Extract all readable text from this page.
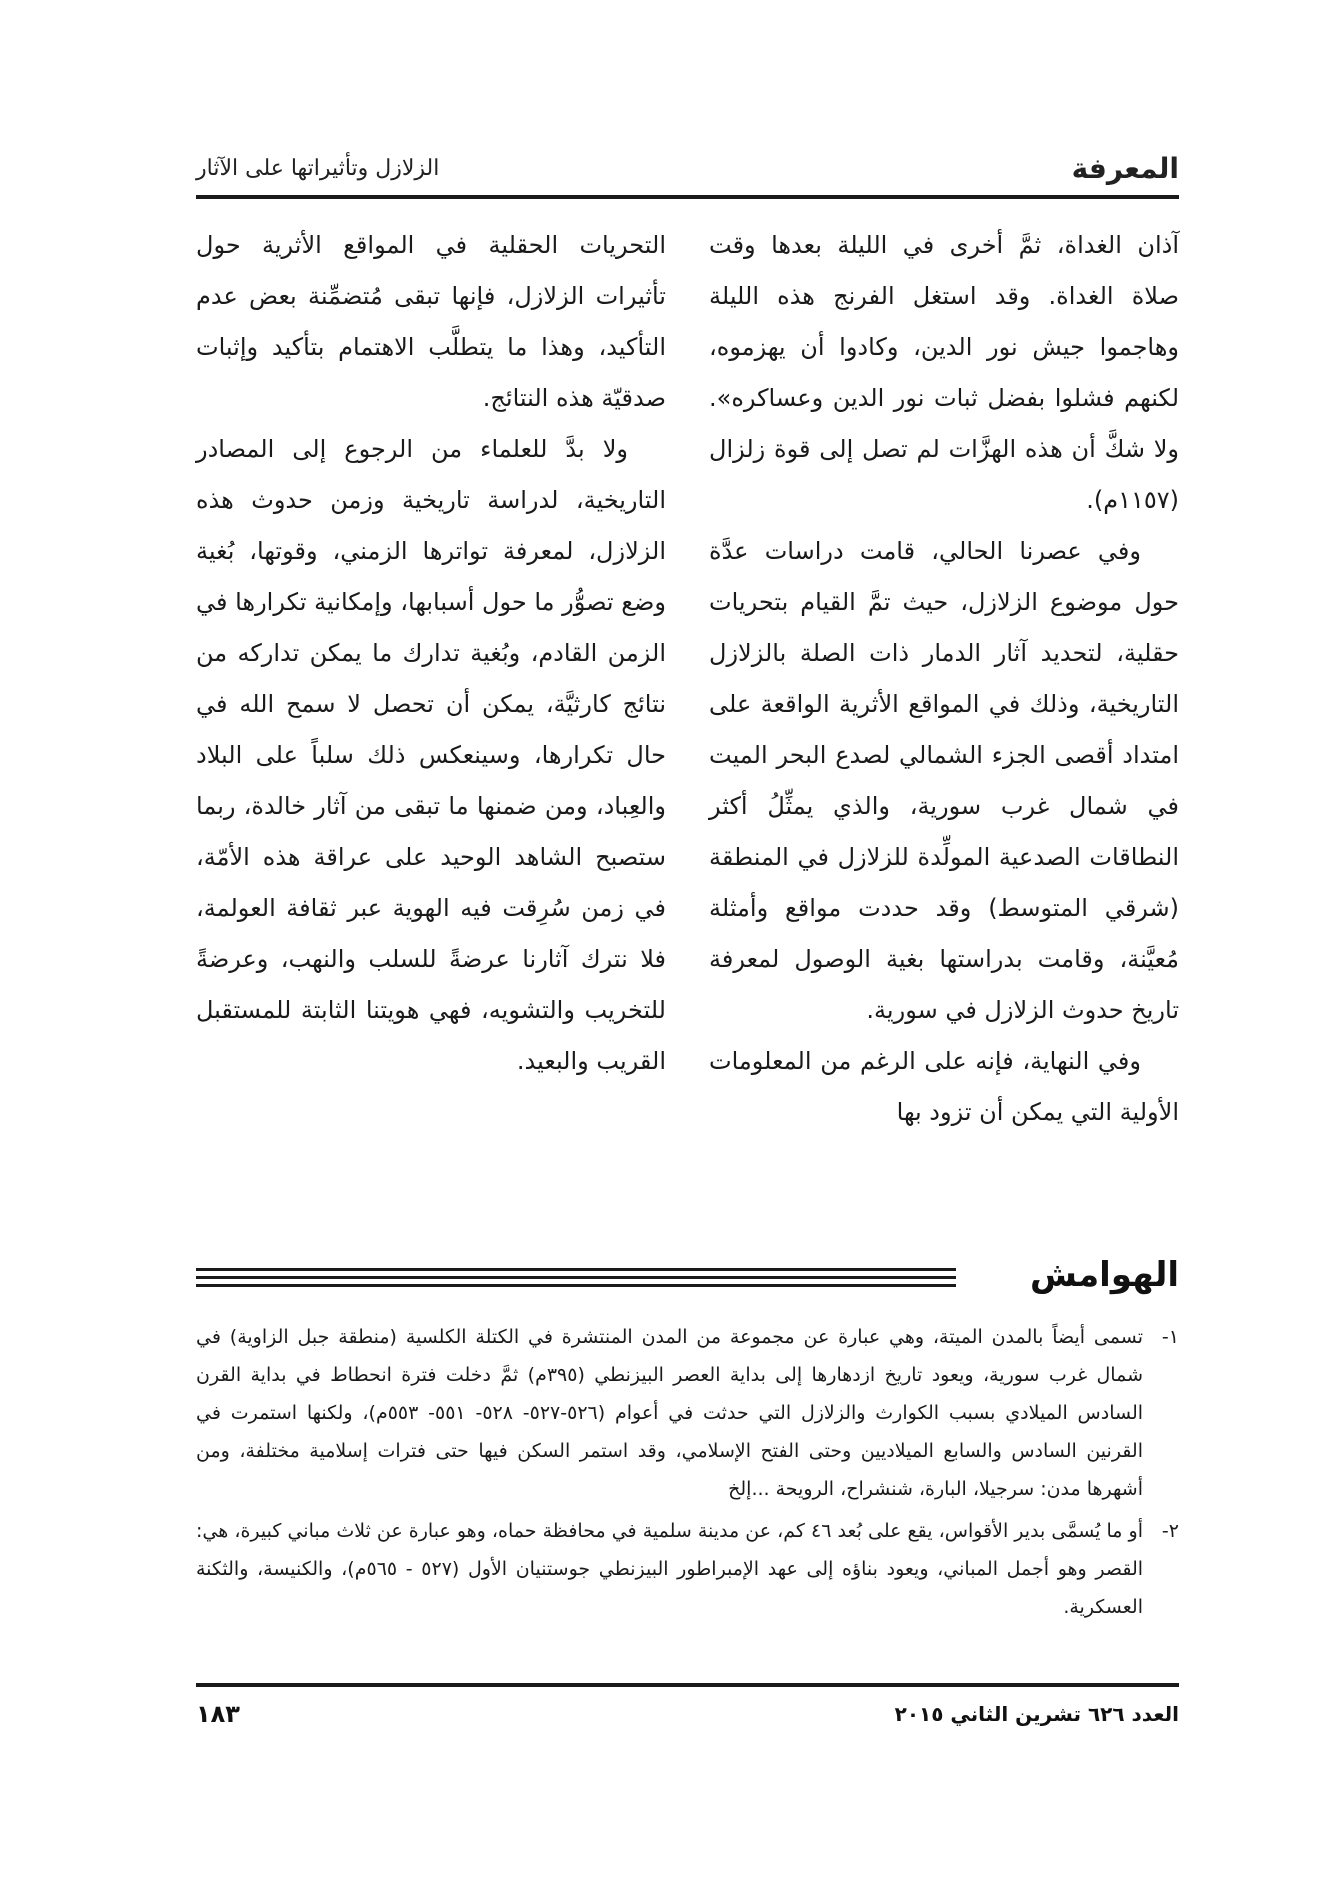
المعرفة
الزلازل وتأثيراتها على الآثار

آذان الغداة، ثمَّ أخرى في الليلة بعدها وقت صلاة الغداة. وقد استغل الفرنج هذه الليلة وهاجموا جيش نور الدين، وكادوا أن يهزموه، لكنهم فشلوا بفضل ثبات نور الدين وعساكره». ولا شكَّ أن هذه الهزَّات لم تصل إلى قوة زلزال (١١٥٧م).

وفي عصرنا الحالي، قامت دراسات عدَّة حول موضوع الزلازل، حيث تمَّ القيام بتحريات حقلية، لتحديد آثار الدمار ذات الصلة بالزلازل التاريخية، وذلك في المواقع الأثرية الواقعة على امتداد أقصى الجزء الشمالي لصدع البحر الميت في شمال غرب سورية، والذي يمثِّلُ أكثر النطاقات الصدعية المولِّدة للزلازل في المنطقة (شرقي المتوسط) وقد حددت مواقع وأمثلة مُعيَّنة، وقامت بدراستها بغية الوصول لمعرفة تاريخ حدوث الزلازل في سورية.

وفي النهاية، فإنه على الرغم من المعلومات الأولية التي يمكن أن تزود بها

التحريات الحقلية في المواقع الأثرية حول تأثيرات الزلازل، فإنها تبقى مُتضمِّنة بعض عدم التأكيد، وهذا ما يتطلَّب الاهتمام بتأكيد وإثبات صدقيّة هذه النتائج.

ولا بدَّ للعلماء من الرجوع إلى المصادر التاريخية، لدراسة تاريخية وزمن حدوث هذه الزلازل، لمعرفة تواترها الزمني، وقوتها، بُغية وضع تصوُّر ما حول أسبابها، وإمكانية تكرارها في الزمن القادم، وبُغية تدارك ما يمكن تداركه من نتائج كارثيَّة، يمكن أن تحصل لا سمح الله في حال تكرارها، وسينعكس ذلك سلباً على البلاد والعِباد، ومن ضمنها ما تبقى من آثار خالدة، ربما ستصبح الشاهد الوحيد على عراقة هذه الأمّة، في زمن سُرِقت فيه الهوية عبر ثقافة العولمة، فلا نترك آثارنا عرضةً للسلب والنهب، وعرضةً للتخريب والتشويه، فهي هويتنا الثابتة للمستقبل القريب والبعيد.

الهوامش

١-
تسمى أيضاً بالمدن الميتة، وهي عبارة عن مجموعة من المدن المنتشرة في الكتلة الكلسية (منطقة جبل الزاوية) في شمال غرب سورية، ويعود تاريخ ازدهارها إلى بداية العصر البيزنطي (٣٩٥م) ثمَّ دخلت فترة انحطاط في بداية القرن السادس الميلادي بسبب الكوارث والزلازل التي حدثت في أعوام (٥٢٦-٥٢٧- ٥٢٨- ٥٥١- ٥٥٣م)، ولكنها استمرت في القرنين السادس والسابع الميلاديين وحتى الفتح الإسلامي، وقد استمر السكن فيها حتى فترات إسلامية مختلفة، ومن أشهرها مدن: سرجيلا، البارة، شنشراح، الرويحة ...إلخ

٢-
أو ما يُسمَّى بدير الأقواس، يقع على بُعد ٤٦ كم، عن مدينة سلمية في محافظة حماه، وهو عبارة عن ثلاث مباني كبيرة، هي: القصر وهو أجمل المباني، ويعود بناؤه إلى عهد الإمبراطور البيزنطي جوستنيان الأول (٥٢٧ - ٥٦٥م)، والكنيسة، والثكنة العسكرية.

العدد ٦٢٦ تشرين الثاني ٢٠١٥
١٨٣
